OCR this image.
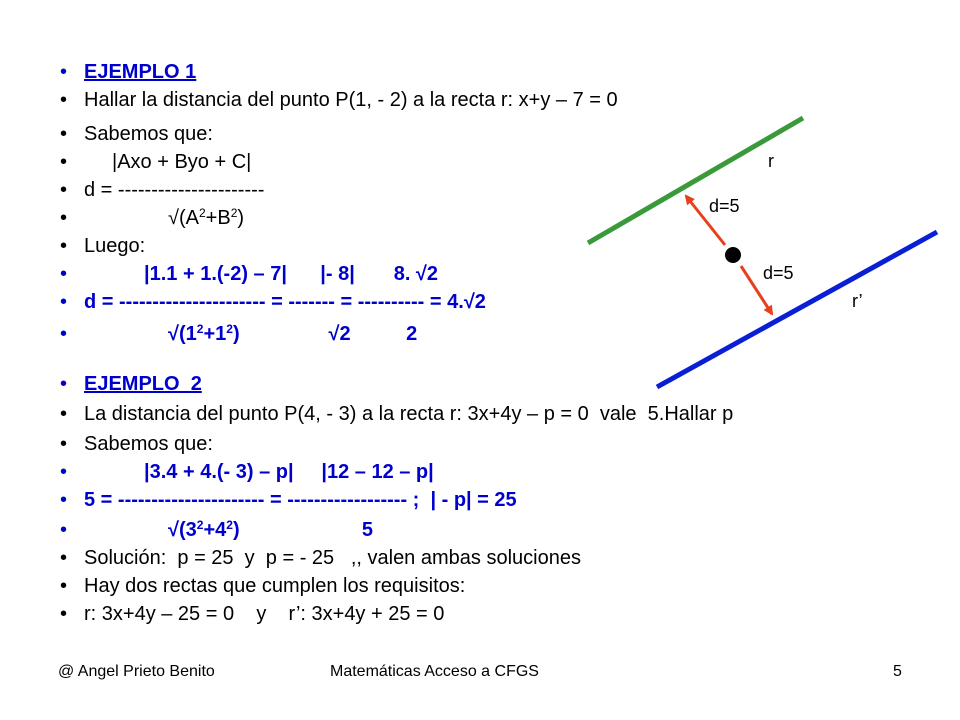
•

EJEMPLO 1

•

Hallar la distancia del punto P(1, - 2) a la recta r: x+y – 7 = 0

•

Sabemos que:

•

|Axo + Byo + C|

•

d = ----------------------

•

	$√(A^2+B^2)$

•

Luego:

•

	|1.1 + 1.(-2) – 7|      |- 8|       8. √2

•

d = ---------------------- = ------- = ---------- = 4.√2

•

	$√(1^2+1^2)$                √2          2

•

EJEMPLO  2

•

La distancia del punto P(4, - 3) a la recta r: 3x+4y – p = 0  vale  5.Hallar p

•

Sabemos que:

•

	|3.4 + 4.(- 3) – p|     |12 – 12 – p|

•

5 = ---------------------- = ------------------ ;  | - p| = 25

•

	$√(3^2+4^2)$                      5

•

Solución:  p = 25  y  p = - 25   ,, valen ambas soluciones

•

Hay dos rectas que cumplen los requisitos:

•

r: 3x+4y – 25 = 0    y    r’: 3x+4y + 25 = 0

r
d=5
d=5
r’
@ Angel Prieto Benito	Matemáticas Acceso a CFGS	5
